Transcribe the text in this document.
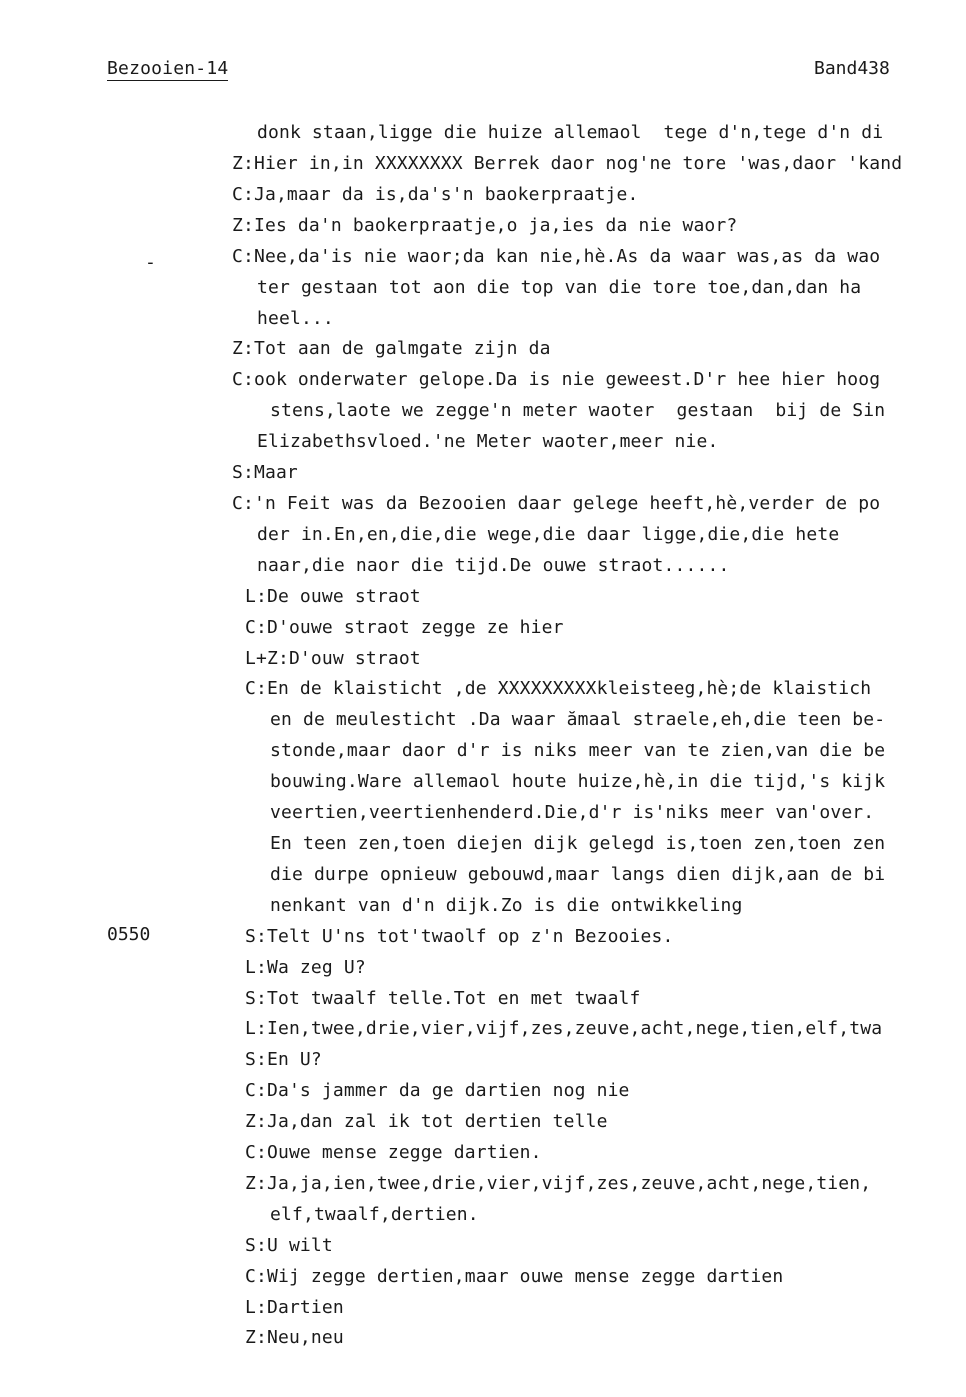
Bezooien-14	Band438
-
0550
donk staan,ligge die huize allemaol  tege d'n,tege d'n di
Z:Hier in,in XXXXXXXX Berrek daor nog'ne tore 'was,daor 'kand
C:Ja,maar da is,da's'n baokerpraatje.
Z:Ies da'n baokerpraatje,o ja,ies da nie waor?
C:Nee,da'is nie waor;da kan nie,hè.As da waar was,as da wao
ter gestaan tot aon die top van die tore toe,dan,dan ha
heel...
Z:Tot aan de galmgate zijn da
C:ook onderwater gelope.Da is nie geweest.D'r hee hier hoog
stens,laote we zegge'n meter waoter  gestaan  bij de Sin
Elizabethsvloed.'ne Meter waoter,meer nie.
S:Maar
C:'n Feit was da Bezooien daar gelege heeft,hè,verder de po
der in.En,en,die,die wege,die daar ligge,die,die hete
naar,die naor die tijd.De ouwe straot......
L:De ouwe straot
C:D'ouwe straot zegge ze hier
L+Z:D'ouw straot
C:En de klaisticht ,de XXXXXXXXXkleisteeg,hè;de klaistich
en de meulesticht .Da waar ămaal straele,eh,die teen be-
stonde,maar daor d'r is niks meer van te zien,van die be
bouwing.Ware allemaol houte huize,hè,in die tijd,'s kijk
veertien,veertienhenderd.Die,d'r is'niks meer van'over.
En teen zen,toen diejen dijk gelegd is,toen zen,toen zen
die durpe opnieuw gebouwd,maar langs dien dijk,aan de bi
nenkant van d'n dijk.Zo is die ontwikkeling
S:Telt U'ns tot'twaolf op z'n Bezooies.
L:Wa zeg U?
S:Tot twaalf telle.Tot en met twaalf
L:Ien,twee,drie,vier,vijf,zes,zeuve,acht,nege,tien,elf,twa
S:En U?
C:Da's jammer da ge dartien nog nie
Z:Ja,dan zal ik tot dertien telle
C:Ouwe mense zegge dartien.
Z:Ja,ja,ien,twee,drie,vier,vijf,zes,zeuve,acht,nege,tien,
elf,twaalf,dertien.
S:U wilt
C:Wij zegge dertien,maar ouwe mense zegge dartien
L:Dartien
Z:Neu,neu
